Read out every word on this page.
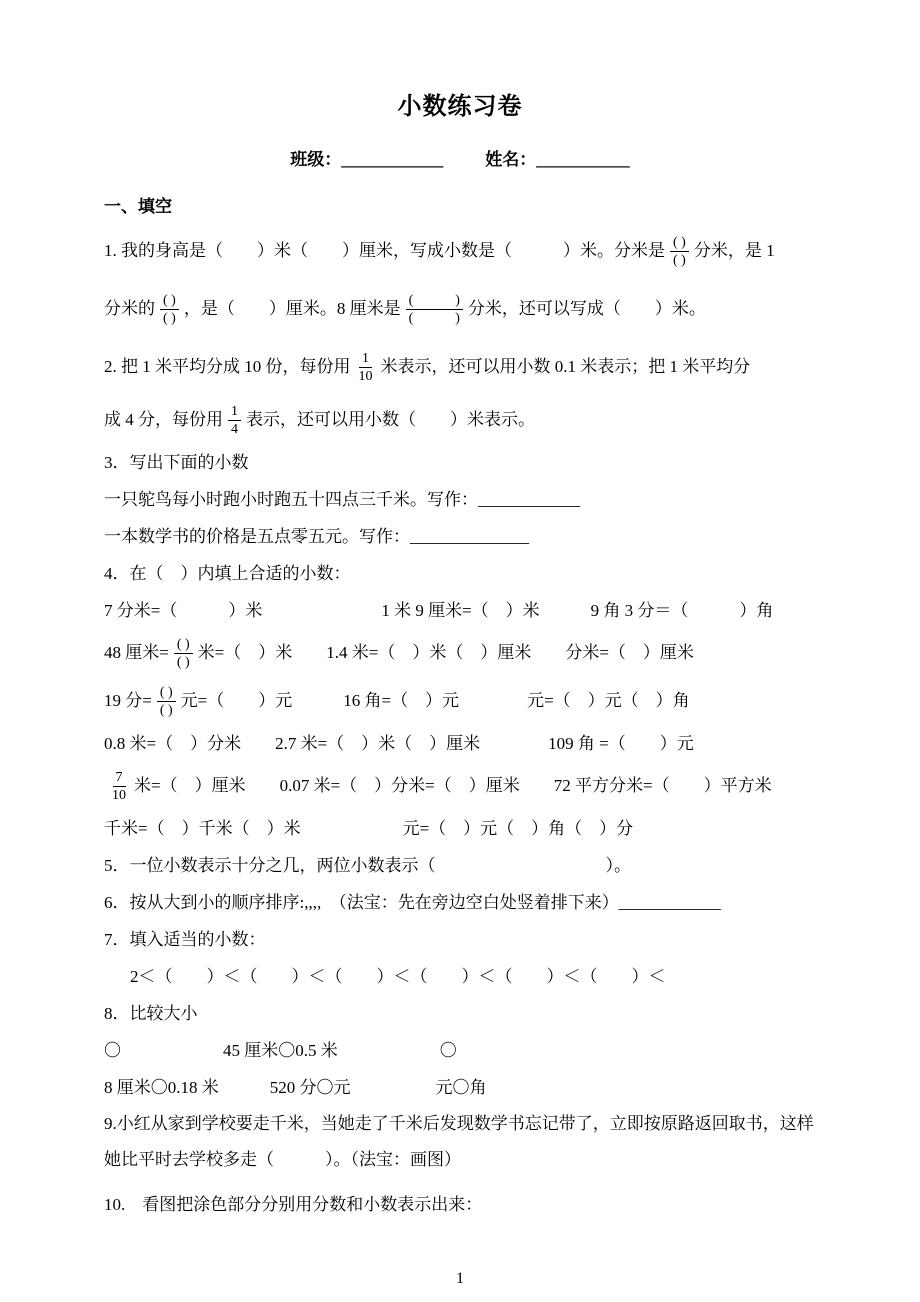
小数练习卷
班级：____________ 姓名：___________
一、填空
1. 我的身高是（　　）米（　　）厘米，写成小数是（　　　）米。分米是 $\frac{( )}{( )}$ 分米，是 1
分米的 $\frac{( )}{( )}$ ，是（　　）厘米。8 厘米是 $\frac{( )}{( )}$ 分米，还可以写成（　　）米。
2. 把 1 米平均分成 10 份，每份用 $\frac{1}{10}$ 米表示，还可以用小数 0.1 米表示；把 1 米平均分
成 4 分，每份用 $\frac{1}{4}$ 表示，还可以用小数（　　）米表示。
3．写出下面的小数
一只鸵鸟每小时跑小时跑五十四点三千米。写作： ____________
一本数学书的价格是五点零五元。写作： ______________
4．在（　）内填上合适的小数：
7 分米=（　　　）米　　　　　　　1 米 9 厘米=（　）米　　　9 角 3 分＝（　　　）角
48 厘米= $\frac{( )}{( )}$ 米=（　）米　　1.4 米=（　）米（　）厘米　　分米=（　）厘米
19 分= $\frac{( )}{( )}$ 元=（　　）元　　　16 角=（　）元　　　　元=（　）元（　）角
0.8 米=（　）分米　　2.7 米=（　）米（　）厘米　　　　109 角 =（　　）元
$\frac{7}{10}$ 米=（　）厘米　　0.07 米=（　）分米=（　）厘米　　72 平方分米=（　　）平方米
千米=（　）千米（　）米　　　　　　元=（　）元（　）角（　）分
5．一位小数表示十分之几，两位小数表示（　　　　　　　　　　）。
6．按从大到小的顺序排序:,,,,　（法宝：先在旁边空白处竖着排下来） ____________
7．填入适当的小数：
2＜（　　）＜（　　）＜（　　）＜（　　）＜（　　）＜（　　）＜
8．比较大小
〇　　　　　　45 厘米〇0.5 米　　　　　　〇
8 厘米〇0.18 米　　　520 分〇元　　　　　元〇角
9.小红从家到学校要走千米，当她走了千米后发现数学书忘记带了，立即按原路返回取书，这样她比平时去学校多走（　　　）。（法宝：画图）
10.　看图把涂色部分分别用分数和小数表示出来：
1
